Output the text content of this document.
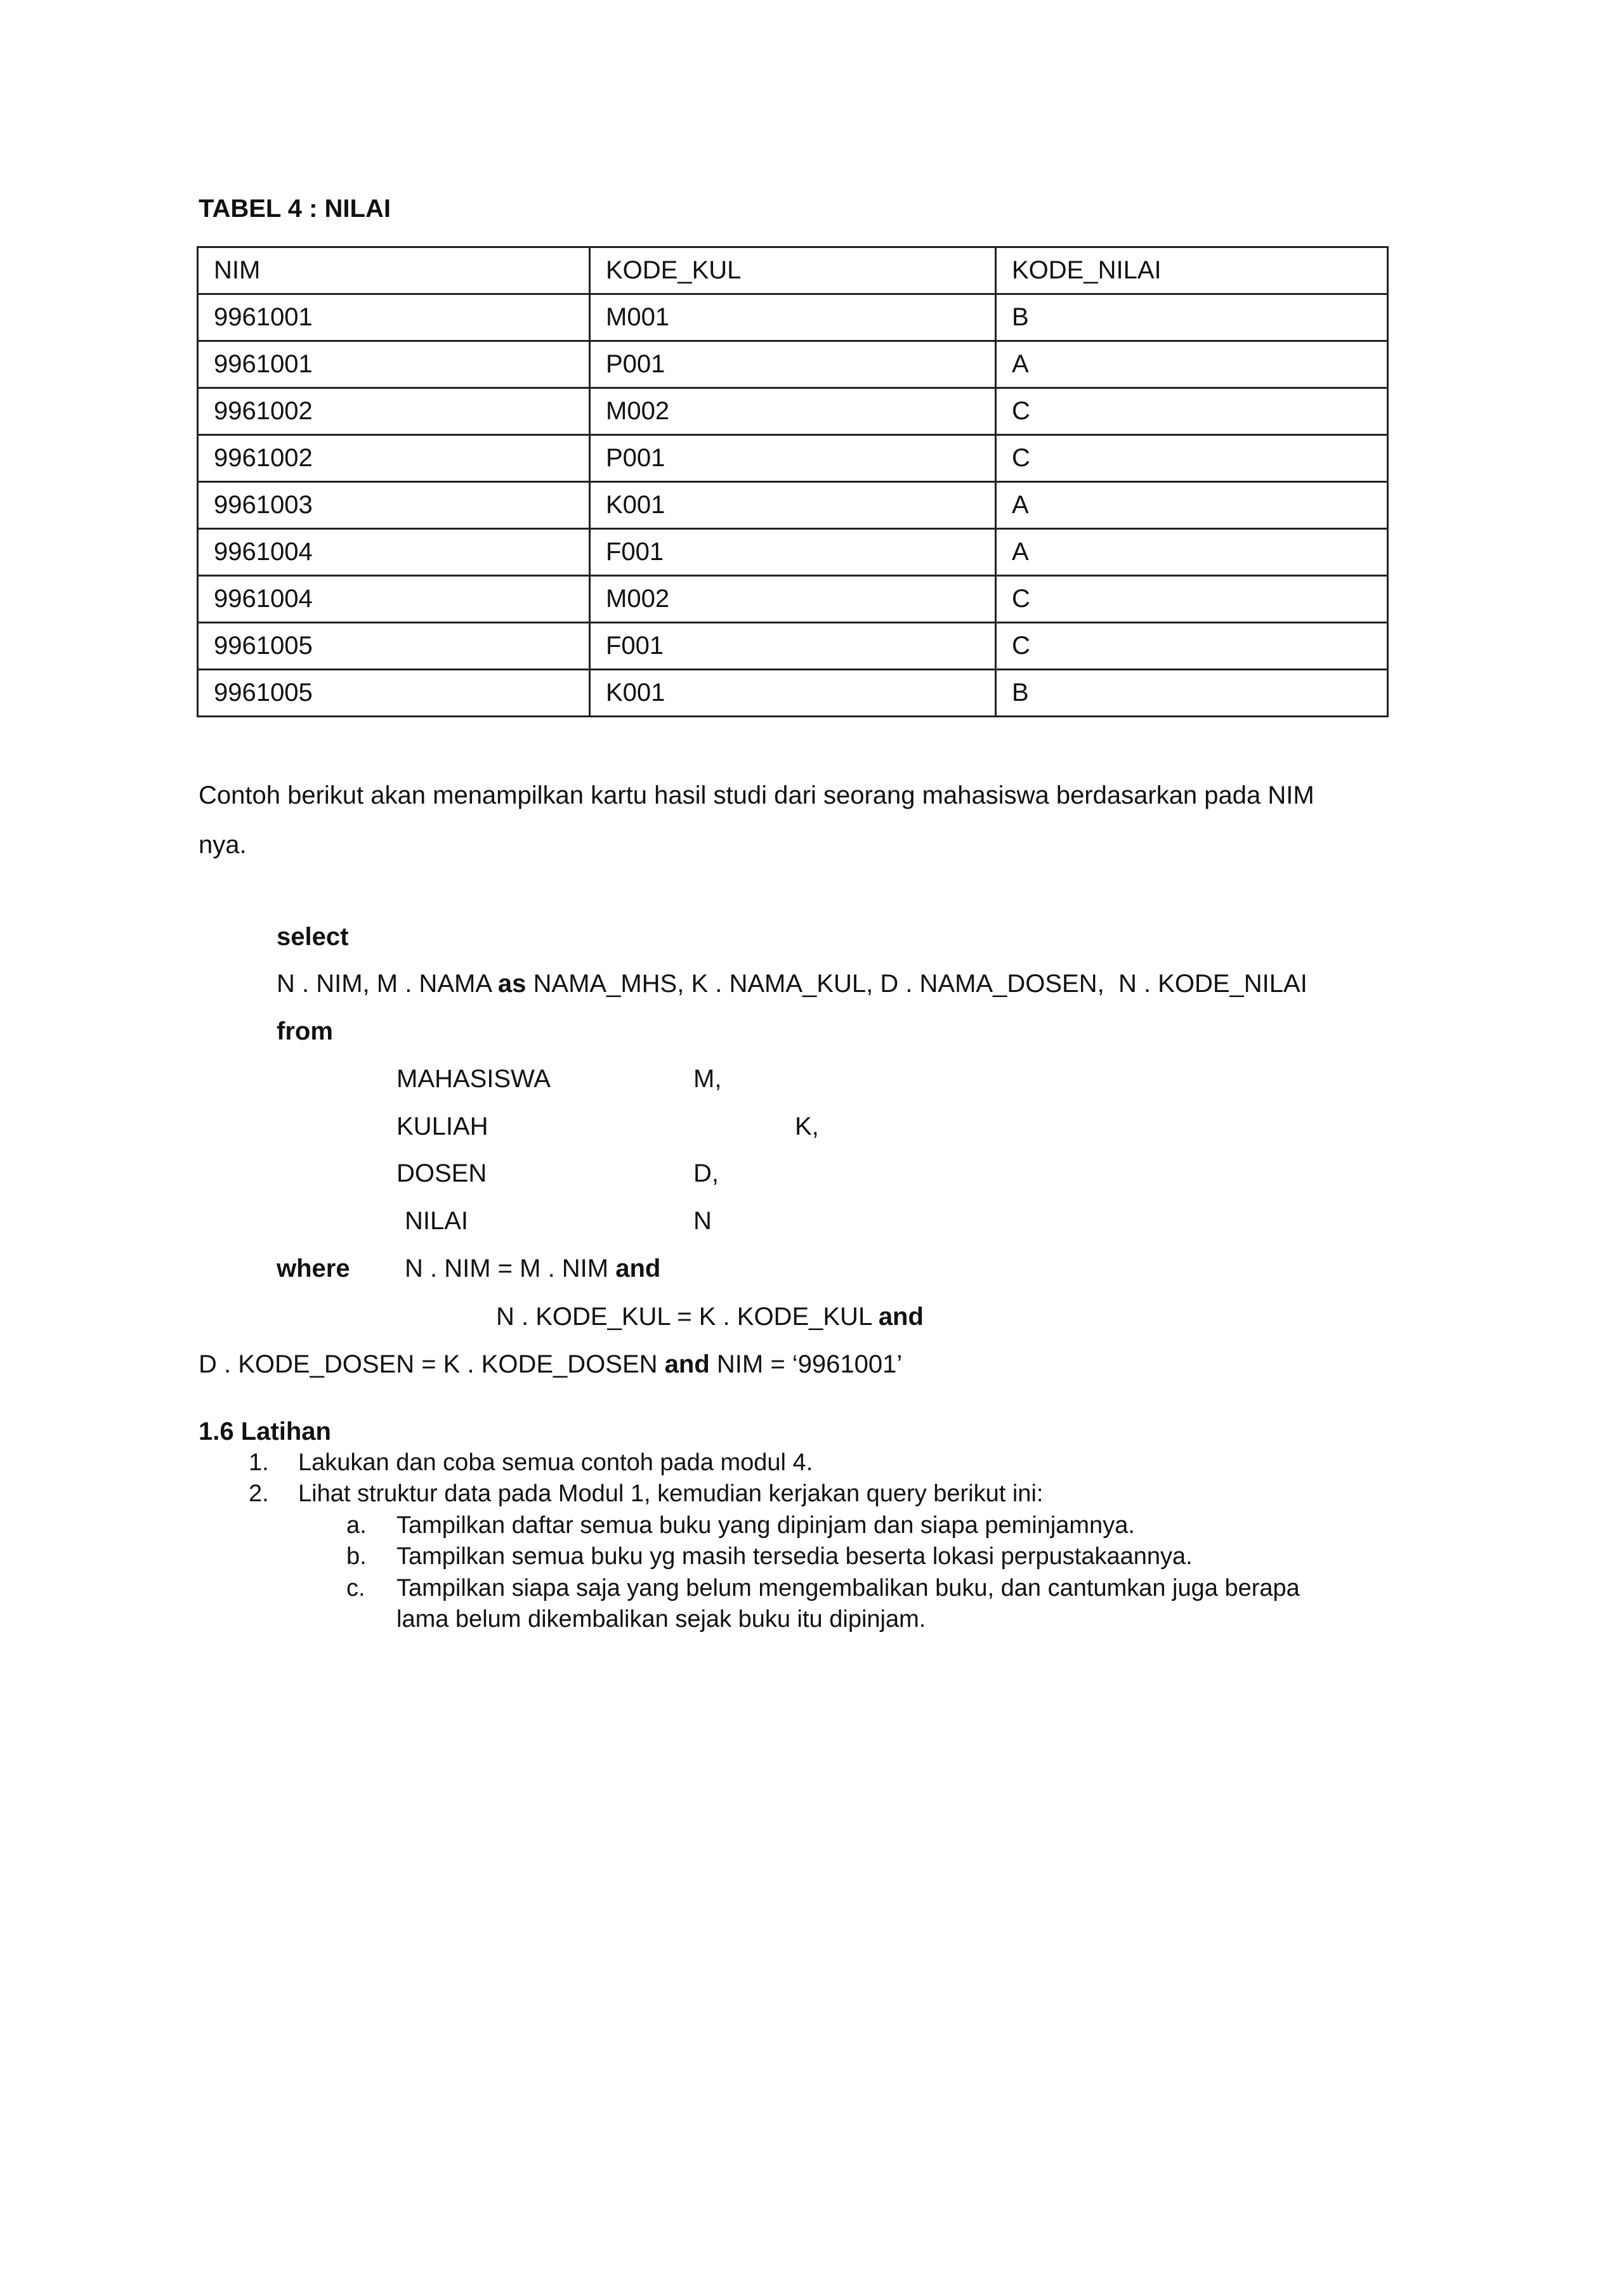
TABEL 4 : NILAI
NIM	KODE_KUL	KODE_NILAI
9961001	M001	B
9961001	P001	A
9961002	M002	C
9961002	P001	C
9961003	K001	A
9961004	F001	A
9961004	M002	C
9961005	F001	C
9961005	K001	B
Contoh berikut akan menampilkan kartu hasil studi dari seorang mahasiswa berdasarkan pada NIM
nya.
select
N . NIM, M . NAMA as NAMA_MHS, K . NAMA_KUL, D . NAMA_DOSEN,  N . KODE_NILAI
from
MAHASISWA	M,
KULIAH	K,
DOSEN	D,
NILAI	N
where N . NIM = M . NIM and
N . KODE_KUL = K . KODE_KUL and
D . KODE_DOSEN = K . KODE_DOSEN and NIM = ‘9961001’
1.6 Latihan
1. Lakukan dan coba semua contoh pada modul 4.
2. Lihat struktur data pada Modul 1, kemudian kerjakan query berikut ini:
a. Tampilkan daftar semua buku yang dipinjam dan siapa peminjamnya.
b. Tampilkan semua buku yg masih tersedia beserta lokasi perpustakaannya.
c. Tampilkan siapa saja yang belum mengembalikan buku, dan cantumkan juga berapa
lama belum dikembalikan sejak buku itu dipinjam.
